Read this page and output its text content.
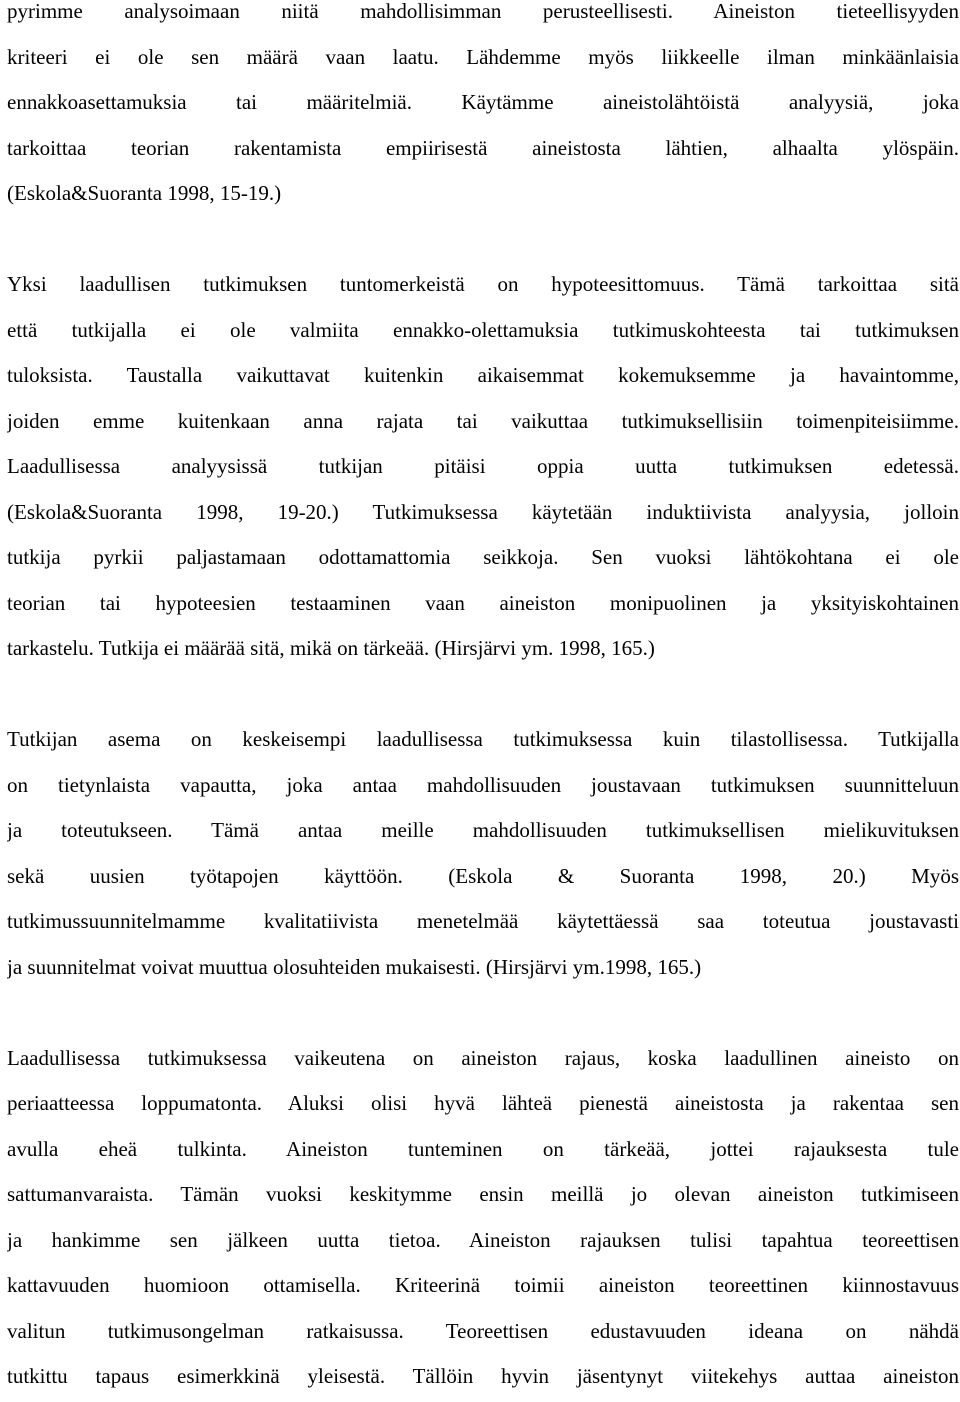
pyrimme analysoimaan niitä mahdollisimman perusteellisesti. Aineiston tieteellisyyden
kriteeri ei ole sen määrä vaan laatu. Lähdemme myös liikkeelle ilman minkäänlaisia
ennakkoasettamuksia tai määritelmiä. Käytämme aineistolähtöistä analyysiä, joka
tarkoittaa teorian rakentamista empiirisestä aineistosta lähtien, alhaalta ylöspäin.
(Eskola&Suoranta 1998, 15-19.)
Yksi laadullisen tutkimuksen tuntomerkeistä on hypoteesittomuus. Tämä tarkoittaa sitä
että tutkijalla ei ole valmiita ennakko-olettamuksia tutkimuskohteesta tai tutkimuksen
tuloksista. Taustalla vaikuttavat kuitenkin aikaisemmat kokemuksemme ja havaintomme,
joiden emme kuitenkaan anna rajata tai vaikuttaa tutkimuksellisiin toimenpiteisiimme.
Laadullisessa analyysissä tutkijan pitäisi oppia uutta tutkimuksen edetessä.
(Eskola&Suoranta 1998, 19-20.) Tutkimuksessa käytetään induktiivista analyysia, jolloin
tutkija pyrkii paljastamaan odottamattomia seikkoja. Sen vuoksi lähtökohtana ei ole
teorian tai hypoteesien testaaminen vaan aineiston monipuolinen ja yksityiskohtainen
tarkastelu. Tutkija ei määrää sitä, mikä on tärkeää. (Hirsjärvi ym. 1998, 165.)
Tutkijan asema on keskeisempi laadullisessa tutkimuksessa kuin tilastollisessa. Tutkijalla
on tietynlaista vapautta, joka antaa mahdollisuuden joustavaan tutkimuksen suunnitteluun
ja toteutukseen. Tämä antaa meille mahdollisuuden tutkimuksellisen mielikuvituksen
sekä uusien työtapojen käyttöön. (Eskola & Suoranta 1998, 20.) Myös
tutkimussuunnitelmamme kvalitatiivista menetelmää käytettäessä saa toteutua joustavasti
ja suunnitelmat voivat muuttua olosuhteiden mukaisesti. (Hirsjärvi ym.1998, 165.)
Laadullisessa tutkimuksessa vaikeutena on aineiston rajaus, koska laadullinen aineisto on
periaatteessa loppumatonta. Aluksi olisi hyvä lähteä pienestä aineistosta ja rakentaa sen
avulla eheä tulkinta. Aineiston tunteminen on tärkeää, jottei rajauksesta tule
sattumanvaraista. Tämän vuoksi keskitymme ensin meillä jo olevan aineiston tutkimiseen
ja hankimme sen jälkeen uutta tietoa. Aineiston rajauksen tulisi tapahtua teoreettisen
kattavuuden huomioon ottamisella. Kriteerinä toimii aineiston teoreettinen kiinnostavuus
valitun tutkimusongelman ratkaisussa. Teoreettisen edustavuuden ideana on nähdä
tutkittu tapaus esimerkkinä yleisestä. Tällöin hyvin jäsentynyt viitekehys auttaa aineiston
